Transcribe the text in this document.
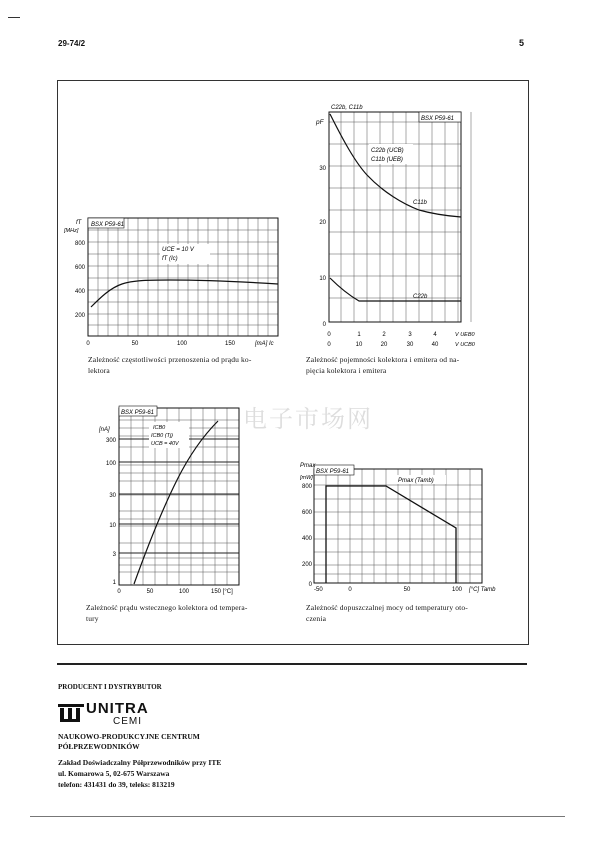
29-74/2	5
电子市场网
BSX P59-61
fT
[MHz]
800
600
400
200
0	50	100	150	[mA] Ic
UCE = 10 V
fT (Ic)
Zależność częstotliwości przenoszenia od prądu ko-
lektora
BSX P59-61
C22b, C11b
pF
30
20
10
0
0	1	2	3	4	V UEB0
0	10	20	30	40	V UCB0
C22b (UCB)
C11b (UEB)
C11b
C22b
Zależność pojemności kolektora i emitera od na-
pięcia kolektora i emitera
BSX P59-61
[nA]
300
100
30
10
3
1
0	50	100	150 [°C]
ICB0
ICB0 (Tj)
UCB = 40V
Zależność prądu wstecznego kolektora od tempera-
tury
BSX P59-61
Pmax
[mW]
800
600
400
200
0
-50	0	50	100 [°C] Tamb
Pmax (Tamb)
Zależność dopuszczalnej mocy od temperatury oto-
czenia
PRODUCENT I DYSTRYBUTOR
UNITRA
CEMI
NAUKOWO-PRODUKCYJNE CENTRUM
PÓŁPRZEWODNIKÓW
Zakład Doświadczalny Półprzewodników przy ITE
ul. Komarowa 5, 02-675 Warszawa
telefon: 431431 do 39, teleks: 813219
